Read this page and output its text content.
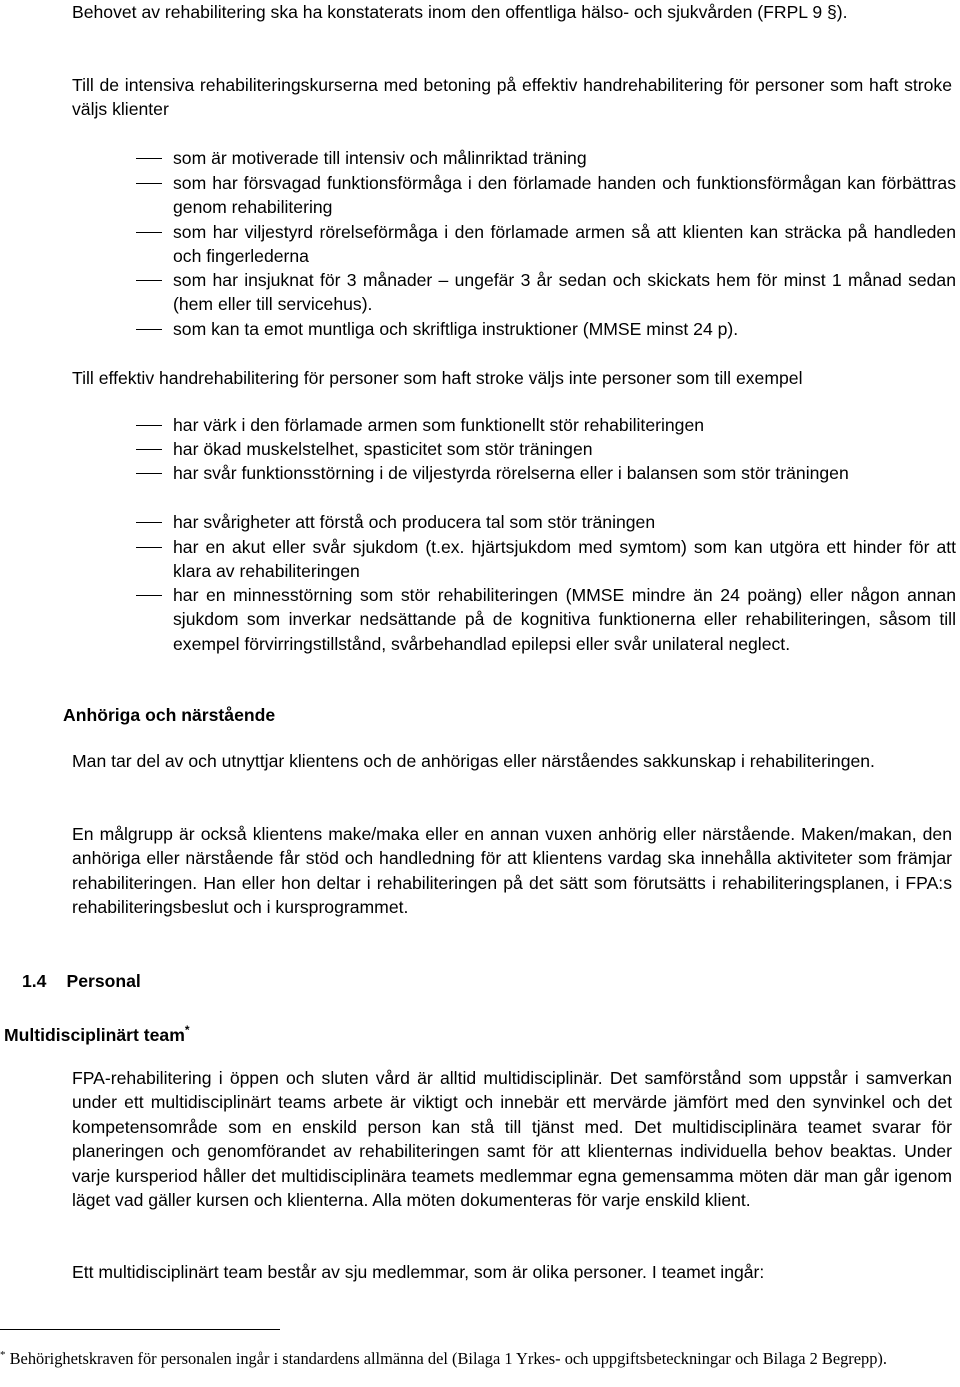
Behovet av rehabilitering ska ha konstaterats inom den offentliga hälso- och sjukvården (FRPL 9 §).

Till de intensiva rehabiliteringskurserna med betoning på effektiv handrehabilitering för personer som haft stroke väljs klienter

som är motiverade till intensiv och målinriktad träning

som har försvagad funktionsförmåga i den förlamade handen och funktionsförmågan kan förbättras genom rehabilitering

som har viljestyrd rörelseförmåga i den förlamade armen så att klienten kan sträcka på handleden och fingerlederna

som har insjuknat för 3 månader – ungefär 3 år sedan och skickats hem för minst 1 månad sedan (hem eller till servicehus).

som kan ta emot muntliga och skriftliga instruktioner (MMSE minst 24 p).

Till effektiv handrehabilitering för personer som haft stroke väljs inte personer som till exempel

har värk i den förlamade armen som funktionellt stör rehabiliteringen

har ökad muskelstelhet, spasticitet som stör träningen

har svår funktionsstörning i de viljestyrda rörelserna eller i balansen som stör träningen

har svårigheter att förstå och producera tal som stör träningen

har en akut eller svår sjukdom (t.ex. hjärtsjukdom med symtom) som kan utgöra ett hinder för att klara av rehabiliteringen

har en minnesstörning som stör rehabiliteringen (MMSE mindre än 24 poäng) eller någon annan sjukdom som inverkar nedsättande på de kognitiva funktionerna eller rehabiliteringen, såsom till exempel förvirringstillstånd, svårbehandlad epilepsi eller svår unilateral neglect.

Anhöriga och närstående

Man tar del av och utnyttjar klientens och de anhörigas eller närståendes sakkunskap i rehabiliteringen.

En målgrupp är också klientens make/maka eller en annan vuxen anhörig eller närstående. Maken/makan, den anhöriga eller närstående får stöd och handledning för att klientens vardag ska innehålla aktiviteter som främjar rehabiliteringen. Han eller hon deltar i rehabiliteringen på det sätt som förutsätts i rehabiliteringsplanen, i FPA:s rehabiliteringsbeslut och i kursprogrammet.

1.4 Personal
Multidisciplinärt team*

FPA-rehabilitering i öppen och sluten vård är alltid multidisciplinär. Det samförstånd som uppstår i samverkan under ett multidisciplinärt teams arbete är viktigt och innebär ett mervärde jämfört med den synvinkel och det kompetensområde som en enskild person kan stå till tjänst med. Det multidisciplinära teamet svarar för planeringen och genomförandet av rehabiliteringen samt för att klienternas individuella behov beaktas. Under varje kursperiod håller det multidisciplinära teamets medlemmar egna gemensamma möten där man går igenom läget vad gäller kursen och klienterna. Alla möten dokumenteras för varje enskild klient.

Ett multidisciplinärt team består av sju medlemmar, som är olika personer. I teamet ingår:

* Behörighetskraven för personalen ingår i standardens allmänna del (Bilaga 1 Yrkes- och uppgiftsbeteckningar och Bilaga 2 Begrepp).
